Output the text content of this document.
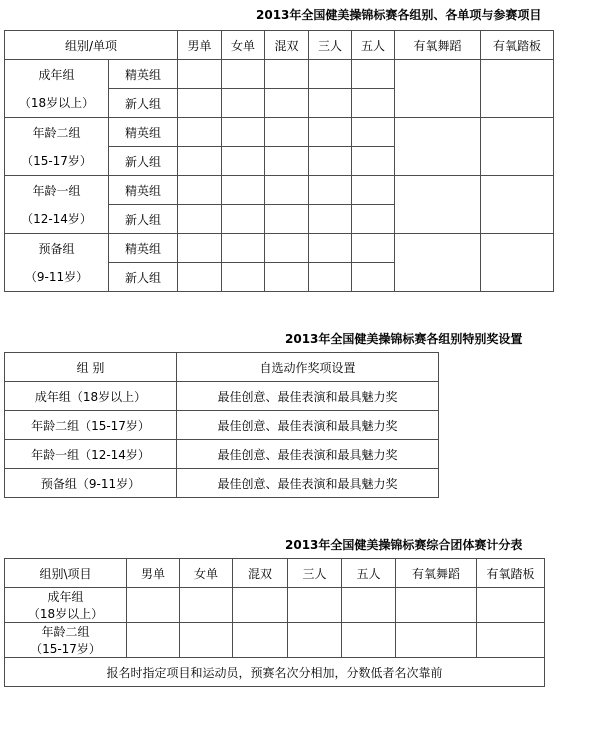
2013年全国健美操锦标赛各组别、各单项与参赛项目
组别/单项		男单	女单	混双	三人	五人	有氧舞蹈	有氧踏板

成年组
（18岁以上）	精英组							
	新人组							

年龄二组
（15-17岁）	精英组							
	新人组							

年龄一组
（12-14岁）	精英组							
	新人组							

预备组
（9-11岁）	精英组							
	新人组							
2013年全国健美操锦标赛各组别特别奖设置
组 别	自选动作奖项设置
成年组（18岁以上）	最佳创意、最佳表演和最具魅力奖
年龄二组（15-17岁）	最佳创意、最佳表演和最具魅力奖
年龄一组（12-14岁）	最佳创意、最佳表演和最具魅力奖
预备组（9-11岁）	最佳创意、最佳表演和最具魅力奖
2013年全国健美操锦标赛综合团体赛计分表
组别\项目	男单	女单	混双	三人	五人	有氧舞蹈	有氧踏板

成年组
（18岁以上）							

年龄二组
（15-17岁）							

报名时指定项目和运动员，预赛名次分相加，分数低者名次靠前							
